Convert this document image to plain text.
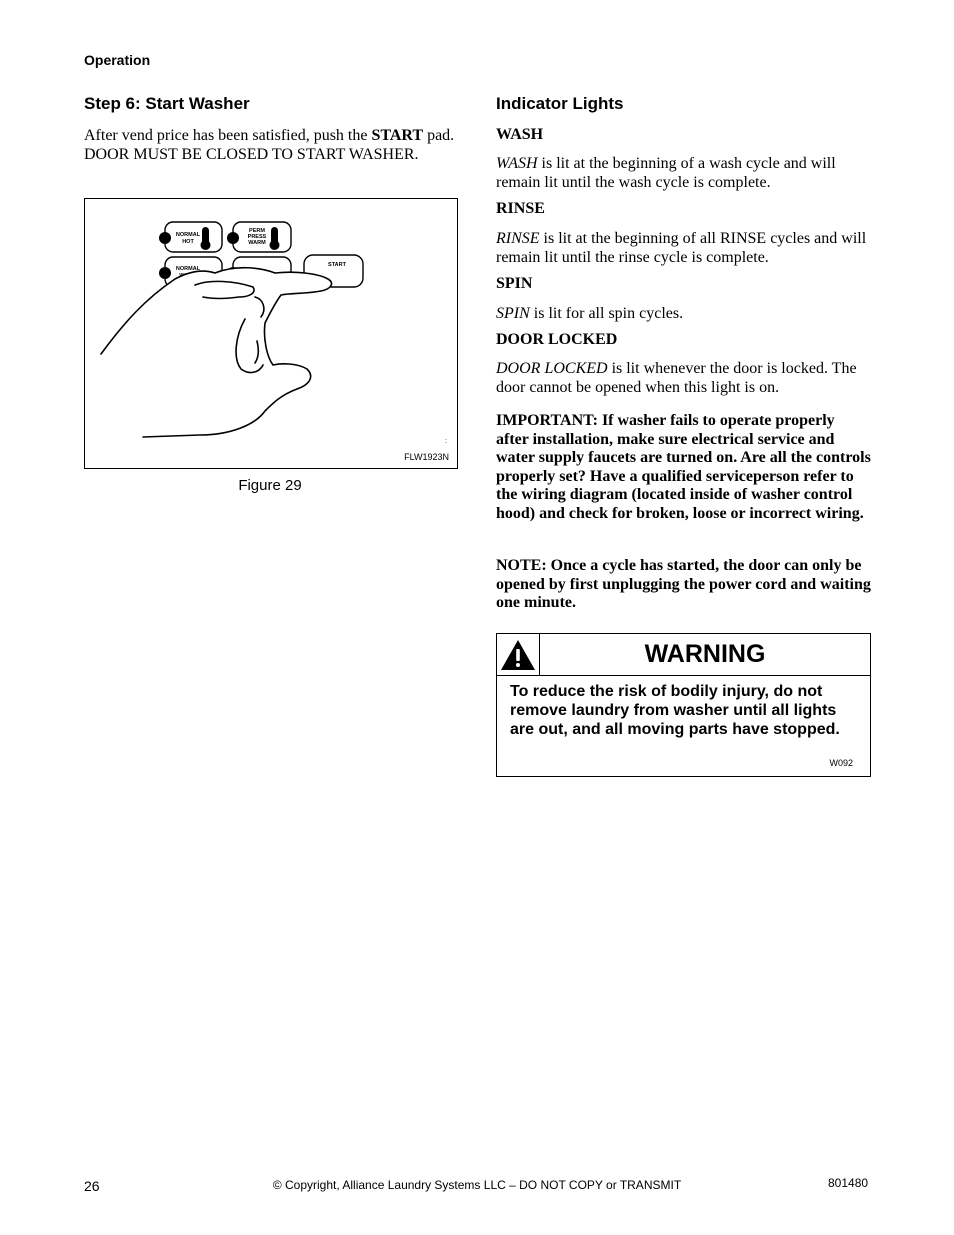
Operation
Step 6: Start Washer
After vend price has been satisfied, push the START pad. DOOR MUST BE CLOSED TO START WASHER.
NORMAL
HOT
PERM
PRESS
WARM
NORMAL
START
:
FLW1923N
Figure 29
Indicator Lights
WASH
WASH is lit at the beginning of a wash cycle and will remain lit until the wash cycle is complete.
RINSE
RINSE is lit at the beginning of all RINSE cycles and will remain lit until the rinse cycle is complete.
SPIN
SPIN is lit for all spin cycles.
DOOR LOCKED
DOOR LOCKED is lit whenever the door is locked. The door cannot be opened when this light is on.
IMPORTANT: If washer fails to operate properly after installation, make sure electrical service and water supply faucets are turned on. Are all the controls properly set? Have a qualified serviceperson refer to the wiring diagram (located inside of washer control hood) and check for broken, loose or incorrect wiring.
NOTE: Once a cycle has started, the door can only be opened by first unplugging the power cord and waiting one minute.
WARNING
To reduce the risk of bodily injury, do not remove laundry from washer until all lights are out, and all moving parts have stopped.
W092
26	© Copyright, Alliance Laundry Systems LLC – DO NOT COPY or TRANSMIT	801480
